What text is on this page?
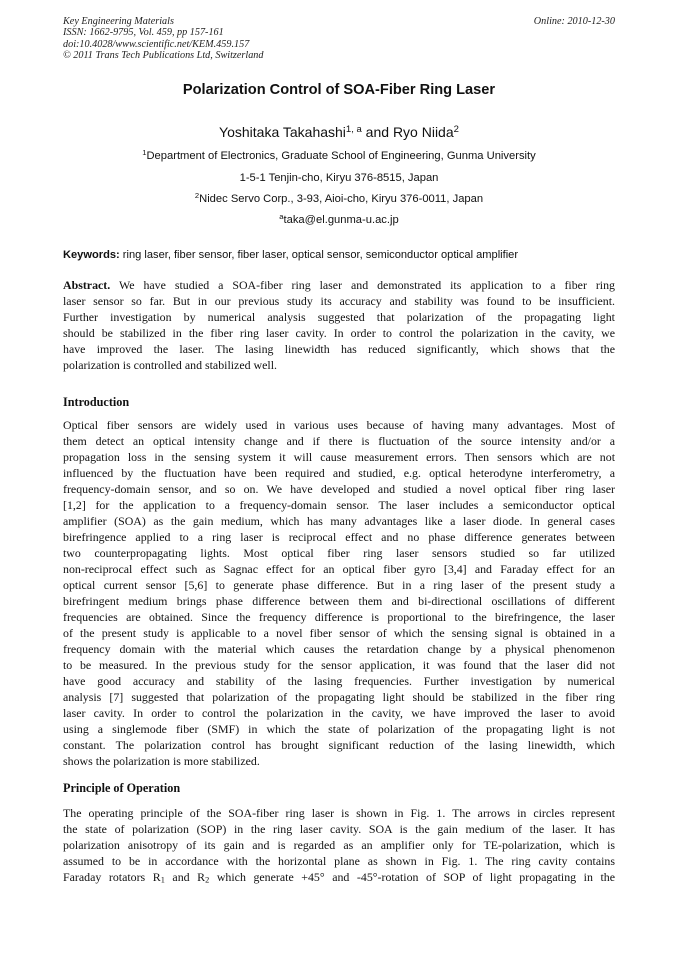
Key Engineering Materials
ISSN: 1662-9795, Vol. 459, pp 157-161
doi:10.4028/www.scientific.net/KEM.459.157
© 2011 Trans Tech Publications Ltd, Switzerland
Online: 2010-12-30
Polarization Control of SOA-Fiber Ring Laser
Yoshitaka Takahashi$^{1, a}$ and Ryo Niida$^2$
$^1$Department of Electronics, Graduate School of Engineering, Gunma University
1-5-1 Tenjin-cho, Kiryu 376-8515, Japan
$^2$Nidec Servo Corp., 3-93, Aioi-cho, Kiryu 376-0011, Japan
$^a$taka@el.gunma-u.ac.jp
Keywords: ring laser, fiber sensor, fiber laser, optical sensor, semiconductor optical amplifier
Abstract. We have studied a SOA-fiber ring laser and demonstrated its application to a fiber ring
laser sensor so far. But in our previous study its accuracy and stability was found to be insufficient.
Further investigation by numerical analysis suggested that polarization of the propagating light
should be stabilized in the fiber ring laser cavity. In order to control the polarization in the cavity, we
have improved the laser. The lasing linewidth has reduced significantly, which shows that the
polarization is controlled and stabilized well.
Introduction
Optical fiber sensors are widely used in various uses because of having many advantages. Most of
them detect an optical intensity change and if there is fluctuation of the source intensity and/or a
propagation loss in the sensing system it will cause measurement errors. Then sensors which are not
influenced by the fluctuation have been required and studied, e.g. optical heterodyne interferometry, a
frequency-domain sensor, and so on. We have developed and studied a novel optical fiber ring laser
[1,2] for the application to a frequency-domain sensor. The laser includes a semiconductor optical
amplifier (SOA) as the gain medium, which has many advantages like a laser diode. In general cases
birefringence applied to a ring laser is reciprocal effect and no phase difference generates between
two counterpropagating lights. Most optical fiber ring laser sensors studied so far utilized
non-reciprocal effect such as Sagnac effect for an optical fiber gyro [3,4] and Faraday effect for an
optical current sensor [5,6] to generate phase difference. But in a ring laser of the present study a
birefringent medium brings phase difference between them and bi-directional oscillations of different
frequencies are obtained. Since the frequency difference is proportional to the birefringence, the laser
of the present study is applicable to a novel fiber sensor of which the sensing signal is obtained in a
frequency domain with the material which causes the retardation change by a physical phenomenon
to be measured. In the previous study for the sensor application, it was found that the laser did not
have good accuracy and stability of the lasing frequencies. Further investigation by numerical
analysis [7] suggested that polarization of the propagating light should be stabilized in the fiber ring
laser cavity. In order to control the polarization in the cavity, we have improved the laser to avoid
using a singlemode fiber (SMF) in which the state of polarization of the propagating light is not
constant. The polarization control has brought significant reduction of the lasing linewidth, which
shows the polarization is more stabilized.
Principle of Operation
The operating principle of the SOA-fiber ring laser is shown in Fig. 1. The arrows in circles represent
the state of polarization (SOP) in the ring laser cavity. SOA is the gain medium of the laser. It has
polarization anisotropy of its gain and is regarded as an amplifier only for TE-polarization, which is
assumed to be in accordance with the horizontal plane as shown in Fig. 1. The ring cavity contains
Faraday rotators $R_1$ and $R_2$ which generate +45° and -45°-rotation of SOP of light propagating in the
